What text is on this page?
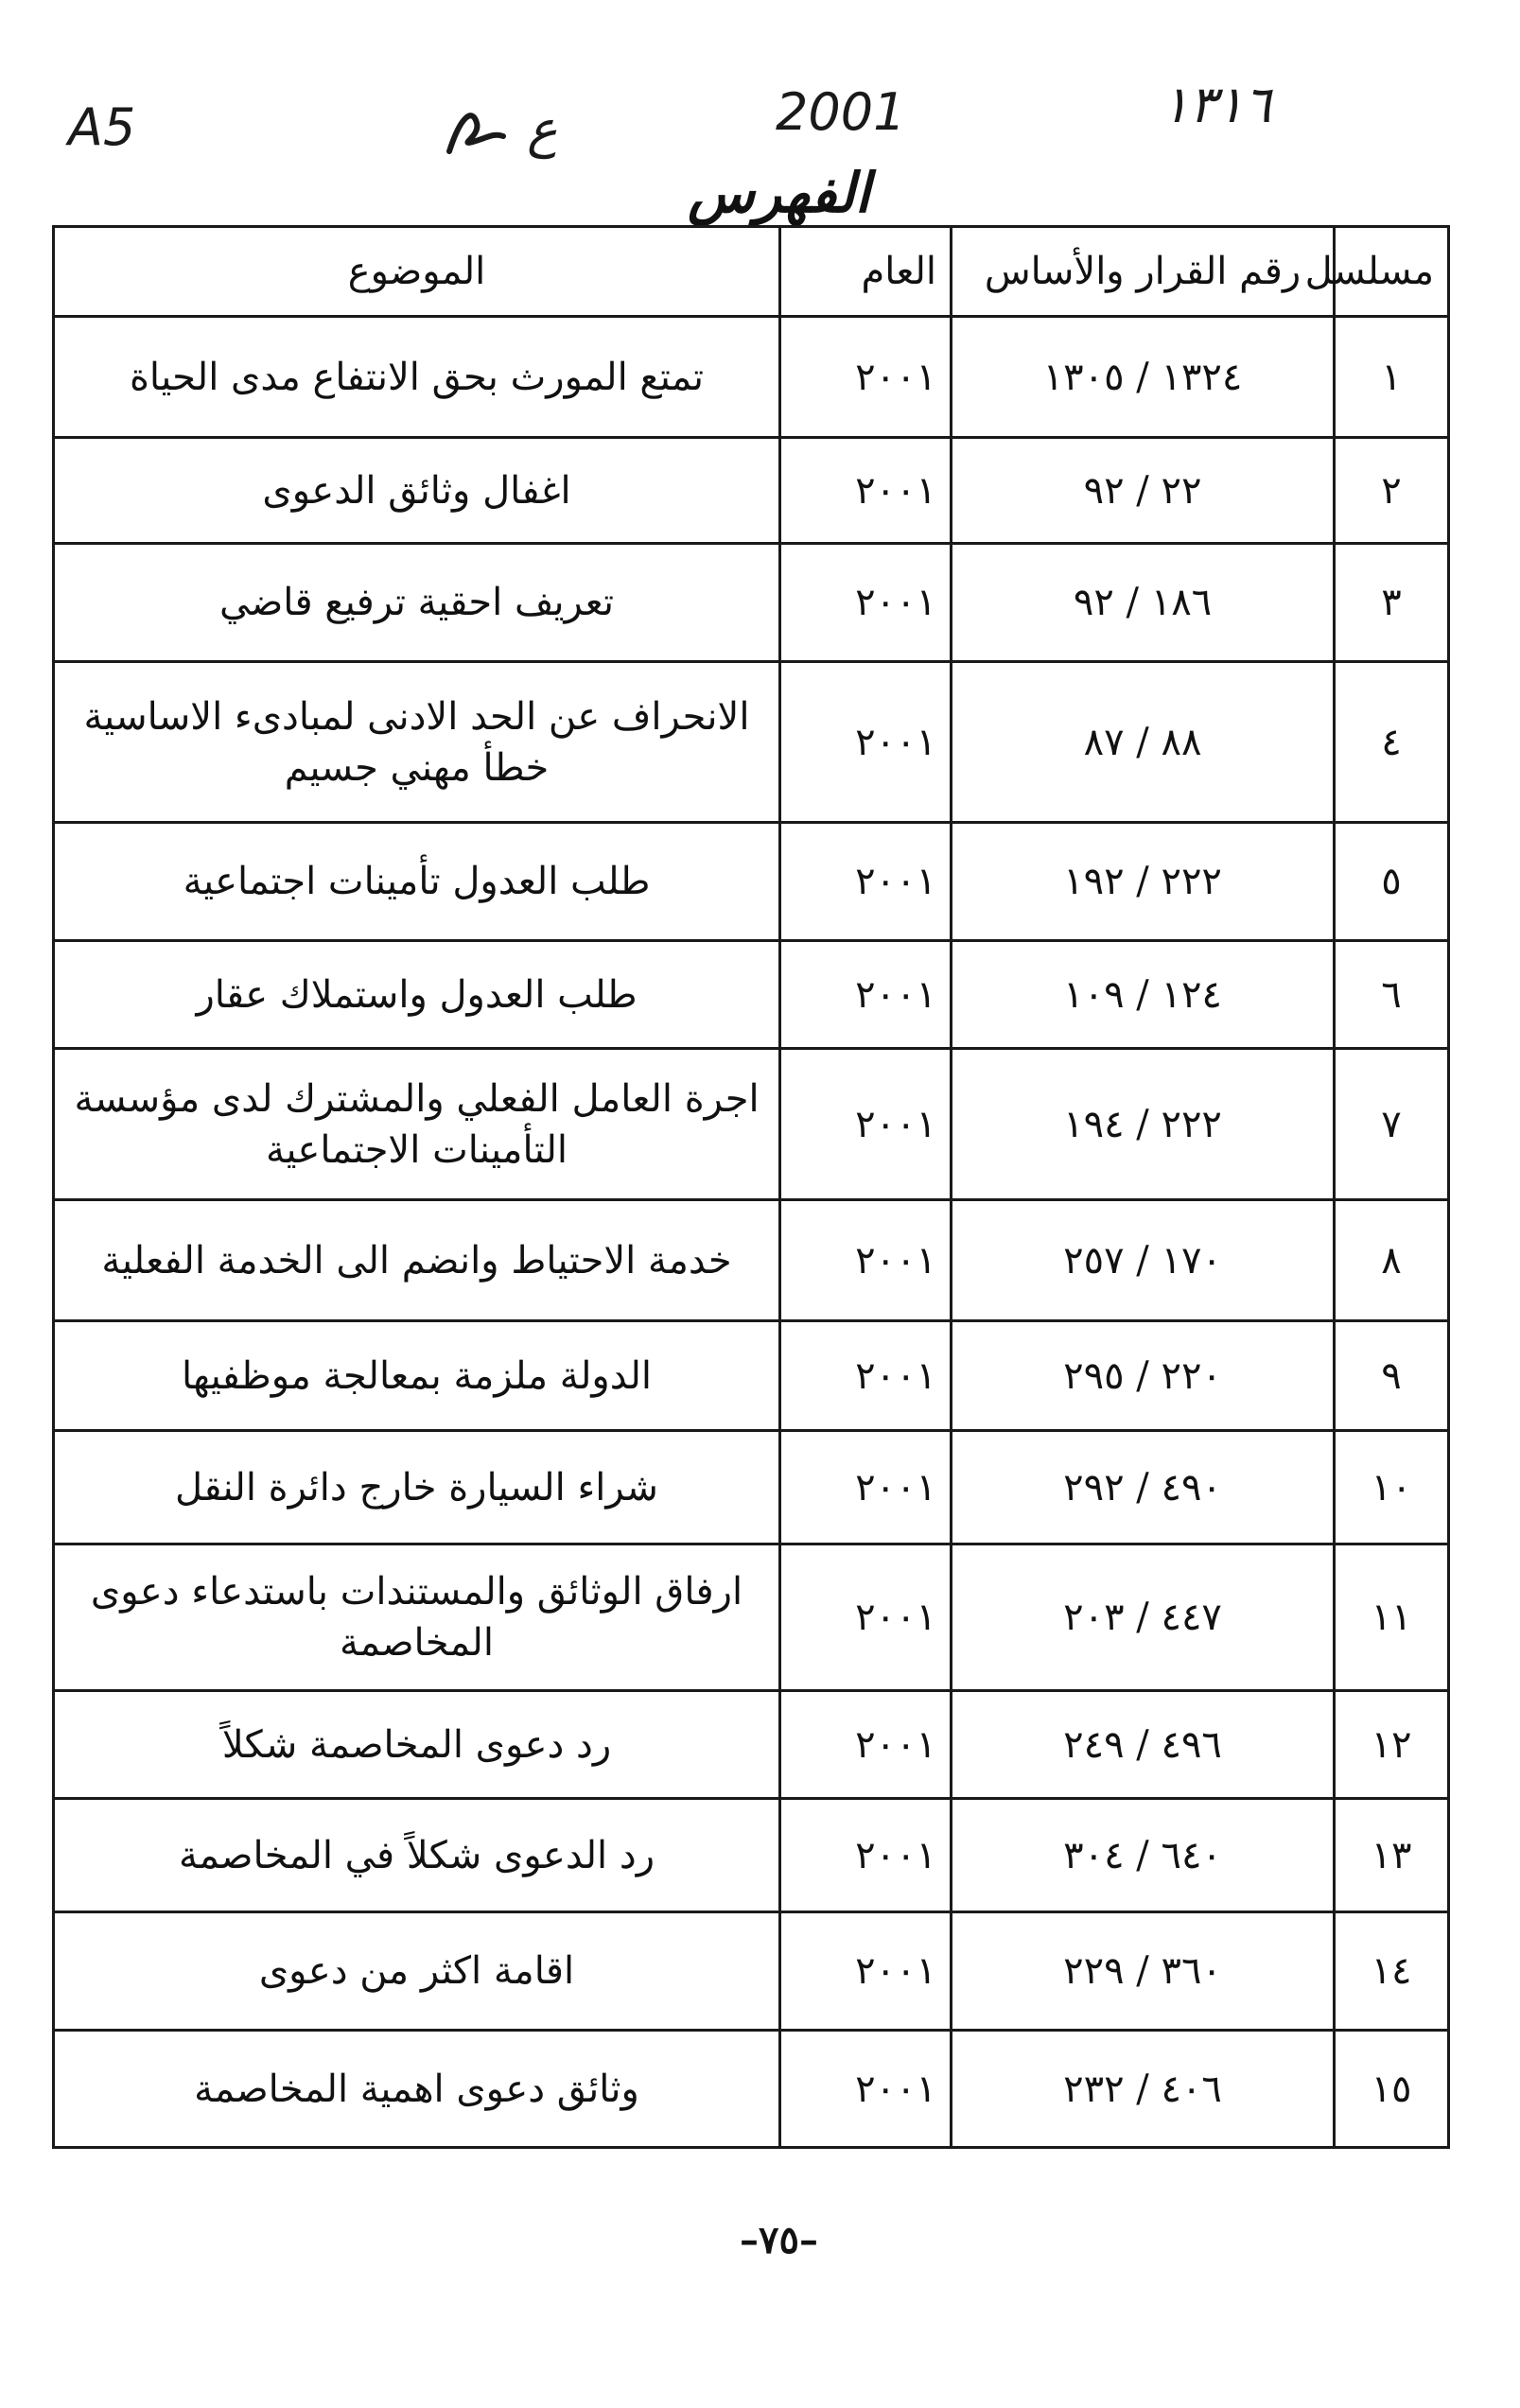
A5	ع	2001	١٣١٦
الفهرس
مسلسل	رقم القرار والأساس	العام	الموضوع
١	١٣٢٤ / ١٣٠٥	٢٠٠١	تمتع المورث بحق الانتفاع مدى الحياة
٢	٢٢ / ٩٢	٢٠٠١	اغفال وثائق الدعوى
٣	١٨٦ / ٩٢	٢٠٠١	تعريف احقية ترفيع قاضي
٤	٨٨ / ٨٧	٢٠٠١	الانحراف عن الحد الادنى لمبادىء الاساسية خطأ مهني جسيم
٥	٢٢٢ / ١٩٢	٢٠٠١	طلب العدول تأمينات اجتماعية
٦	١٢٤ / ١٠٩	٢٠٠١	طلب العدول واستملاك عقار
٧	٢٢٢ / ١٩٤	٢٠٠١	اجرة العامل الفعلي والمشترك لدى مؤسسة التأمينات الاجتماعية
٨	١٧٠ / ٢٥٧	٢٠٠١	خدمة الاحتياط وانضم الى الخدمة الفعلية
٩	٢٢٠ / ٢٩٥	٢٠٠١	الدولة ملزمة بمعالجة موظفيها
١٠	٤٩٠ / ٢٩٢	٢٠٠١	شراء السيارة خارج دائرة النقل
١١	٤٤٧ / ٢٠٣	٢٠٠١	ارفاق الوثائق والمستندات باستدعاء دعوى المخاصمة
١٢	٤٩٦ / ٢٤٩	٢٠٠١	رد دعوى المخاصمة شكلاً
١٣	٦٤٠ / ٣٠٤	٢٠٠١	رد الدعوى شكلاً في المخاصمة
١٤	٣٦٠ / ٢٢٩	٢٠٠١	اقامة اكثر من دعوى
١٥	٤٠٦ / ٢٣٢	٢٠٠١	وثائق دعوى اهمية المخاصمة
–٧٥–
